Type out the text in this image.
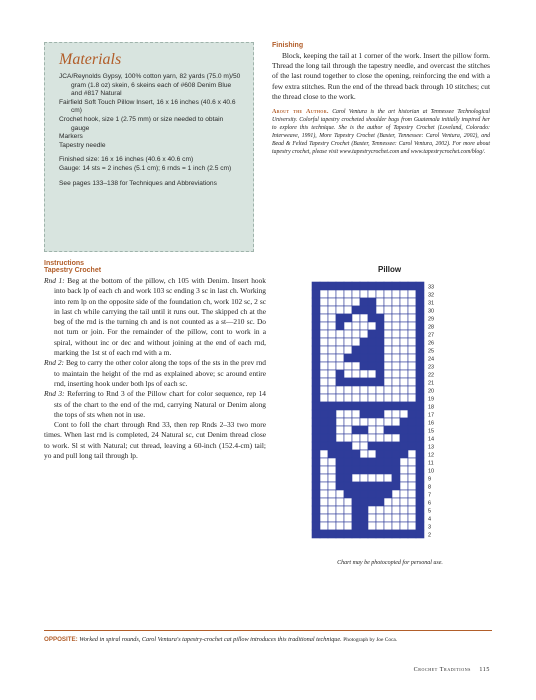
Materials

JCA/Reynolds Gypsy, 100% cotton yarn, 82 yards (75.0 m)/50 gram (1.8 oz) skein, 6 skeins each of #608 Denim Blue and #817 Natural

Fairfield Soft Touch Pillow Insert, 16 x 16 inches (40.6 x 40.6 cm)

Crochet hook, size 1 (2.75 mm) or size needed to obtain gauge

Markers

Tapestry needle

Finished size: 16 x 16 inches (40.6 x 40.6 cm)

Gauge: 14 sts = 2 inches (5.1 cm); 6 rnds = 1 inch (2.5 cm)

See pages 133–138 for Techniques and Abbreviations

Finishing

Block, keeping the tail at 1 corner of the work. Insert the pillow form. Thread the long tail through the tapestry needle, and overcast the stitches of the last round together to close the opening, reinforcing the end with a few extra stitches. Run the end of the thread back through 10 stitches; cut the thread close to the work.

About the Author. Carol Ventura is the art historian at Tennessee Technological University. Colorful tapestry crocheted shoulder bags from Guatemala initially inspired her to explore this technique. She is the author of Tapestry Crochet (Loveland, Colorado: Interweave, 1991), More Tapestry Crochet (Baxter, Tennessee: Carol Ventura, 2002), and Bead & Felted Tapestry Crochet (Baxter, Tennessee: Carol Ventura, 2002). For more about tapestry crochet, please visit www.tapestrycrochet.com and www.tapestrycrochet.com/blog/.

Instructions
Tapestry Crochet

Rnd 1: Beg at the bottom of the pillow, ch 105 with Denim. Insert hook into back lp of each ch and work 103 sc ending 3 sc in last ch. Working into rem lp on the opposite side of the foundation ch, work 102 sc, 2 sc in last ch while carrying the tail until it runs out. The skipped ch at the beg of the rnd is the turning ch and is not counted as a st—210 sc. Do not turn or join. For the remainder of the pillow, cont to work in a spiral, without inc or dec and without joining at the end of each rnd, marking the 1st st of each rnd with a m.

Rnd 2: Beg to carry the other color along the tops of the sts in the prev rnd to maintain the height of the rnd as explained above; sc around entire rnd, inserting hook under both lps of each sc.

Rnd 3: Referring to Rnd 3 of the Pillow chart for color sequence, rep 14 sts of the chart to the end of the rnd, carrying Natural or Denim along the tops of sts when not in use.

Cont to foll the chart through Rnd 33, then rep Rnds 2–33 two more times. When last rnd is completed, 24 Natural sc, cut Denim thread close to work. Sl st with Natural; cut thread, leaving a 60-inch (152.4-cm) tail; yo and pull long tail through lp.

Pillow
33
32
31
30
29
28
27
26
25
24
23
22
21
20
19
18
17
16
15
14
13
12
11
10
9
8
7
6
5
4
3
2
Chart may be photocopied for personal use.
OPPOSITE: Worked in spiral rounds, Carol Ventura's tapestry-crochet cat pillow introduces this traditional technique. Photograph by Joe Coca.
Crochet Traditions 115
